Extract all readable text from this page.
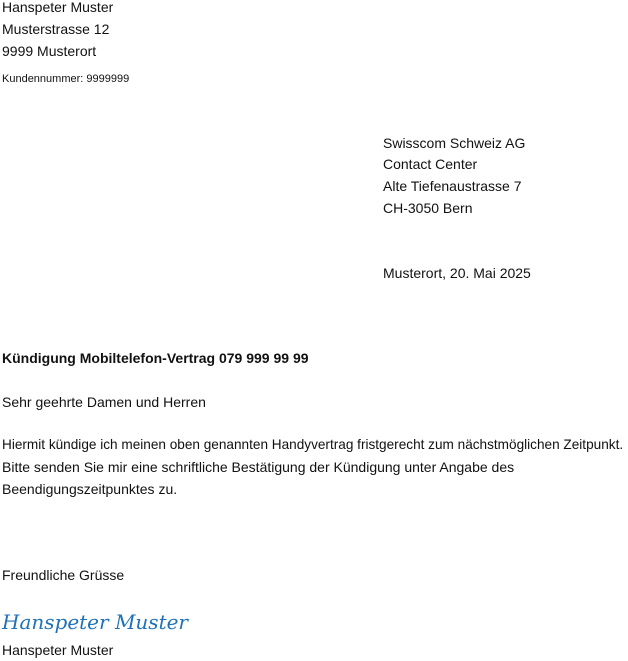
Hanspeter Muster

Musterstrasse 12

9999 Musterort

Kundennummer: 9999999

Swisscom Schweiz AG

Contact Center

Alte Tiefenaustrasse 7

CH-3050 Bern

Musterort, 20. Mai 2025

Kündigung Mobiltelefon-Vertrag 079 999 99 99

Sehr geehrte Damen und Herren

Hiermit kündige ich meinen oben genannten Handyvertrag fristgerecht zum nächstmöglichen Zeitpunkt.

Bitte senden Sie mir eine schriftliche Bestätigung der Kündigung unter Angabe des

Beendigungszeitpunktes zu.

Freundliche Grüsse

Hanspeter Muster

Hanspeter Muster
